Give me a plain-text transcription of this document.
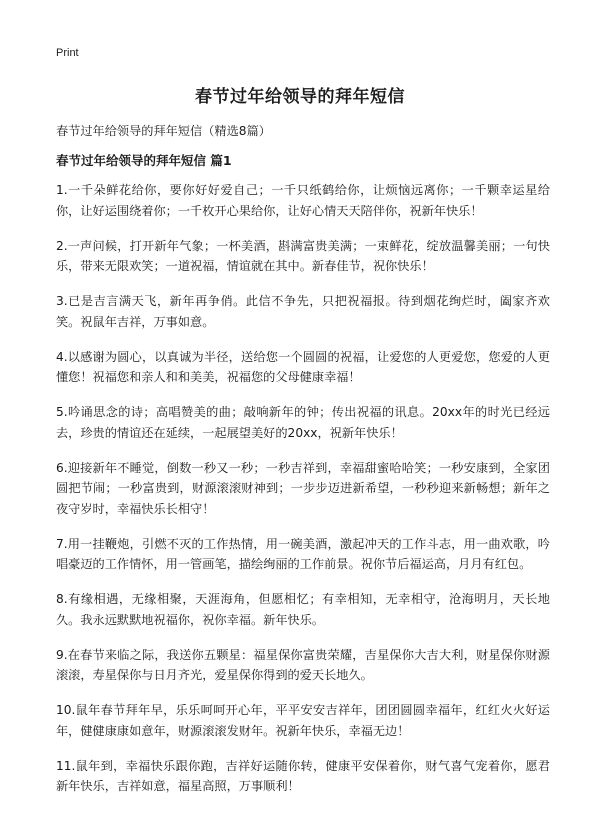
Print
春节过年给领导的拜年短信

春节过年给领导的拜年短信（精选8篇）

春节过年给领导的拜年短信 篇1

1.一千朵鲜花给你，要你好好爱自己；一千只纸鹤给你，让烦恼远离你；一千颗幸运星给你，让好运围绕着你；一千枚开心果给你，让好心情天天陪伴你，祝新年快乐！

2.一声问候，打开新年气象；一杯美酒，斟满富贵美满；一束鲜花，绽放温馨美丽；一句快乐，带来无限欢笑；一道祝福，情谊就在其中。新春佳节，祝你快乐！

3.已是吉言满天飞，新年再争俏。此信不争先，只把祝福报。待到烟花绚烂时，阖家齐欢笑。祝鼠年吉祥，万事如意。

4.以感谢为圆心，以真诚为半径，送给您一个圆圆的祝福，让爱您的人更爱您，您爱的人更懂您！祝福您和亲人和和美美，祝福您的父母健康幸福！

5.吟诵思念的诗；高唱赞美的曲；敲响新年的钟；传出祝福的讯息。20xx年的时光已经远去，珍贵的情谊还在延续，一起展望美好的20xx，祝新年快乐！

6.迎接新年不睡觉，倒数一秒又一秒；一秒吉祥到，幸福甜蜜哈哈笑；一秒安康到，全家团圆把节闹；一秒富贵到，财源滚滚财神到；一步步迈进新希望，一秒秒迎来新畅想；新年之夜守岁时，幸福快乐长相守！

7.用一挂鞭炮，引燃不灭的工作热情，用一碗美酒，激起冲天的工作斗志，用一曲欢歌，吟唱豪迈的工作情怀，用一管画笔，描绘绚丽的工作前景。祝你节后福运高，月月有红包。

8.有缘相遇，无缘相聚，天涯海角，但愿相忆；有幸相知，无幸相守，沧海明月，天长地久。我永远默默地祝福你，祝你幸福。新年快乐。

9.在春节来临之际，我送你五颗星：福星保你富贵荣耀，吉星保你大吉大利，财星保你财源滚滚，寿星保你与日月齐光，爱星保你得到的爱天长地久。

10.鼠年春节拜年早，乐乐呵呵开心年，平平安安吉祥年，团团圆圆幸福年，红红火火好运年，健健康康如意年，财源滚滚发财年。祝新年快乐，幸福无边！

11.鼠年到，幸福快乐跟你跑，吉祥好运随你转，健康平安保着你，财气喜气宠着你，愿君新年快乐，吉祥如意，福星高照，万事顺利！
